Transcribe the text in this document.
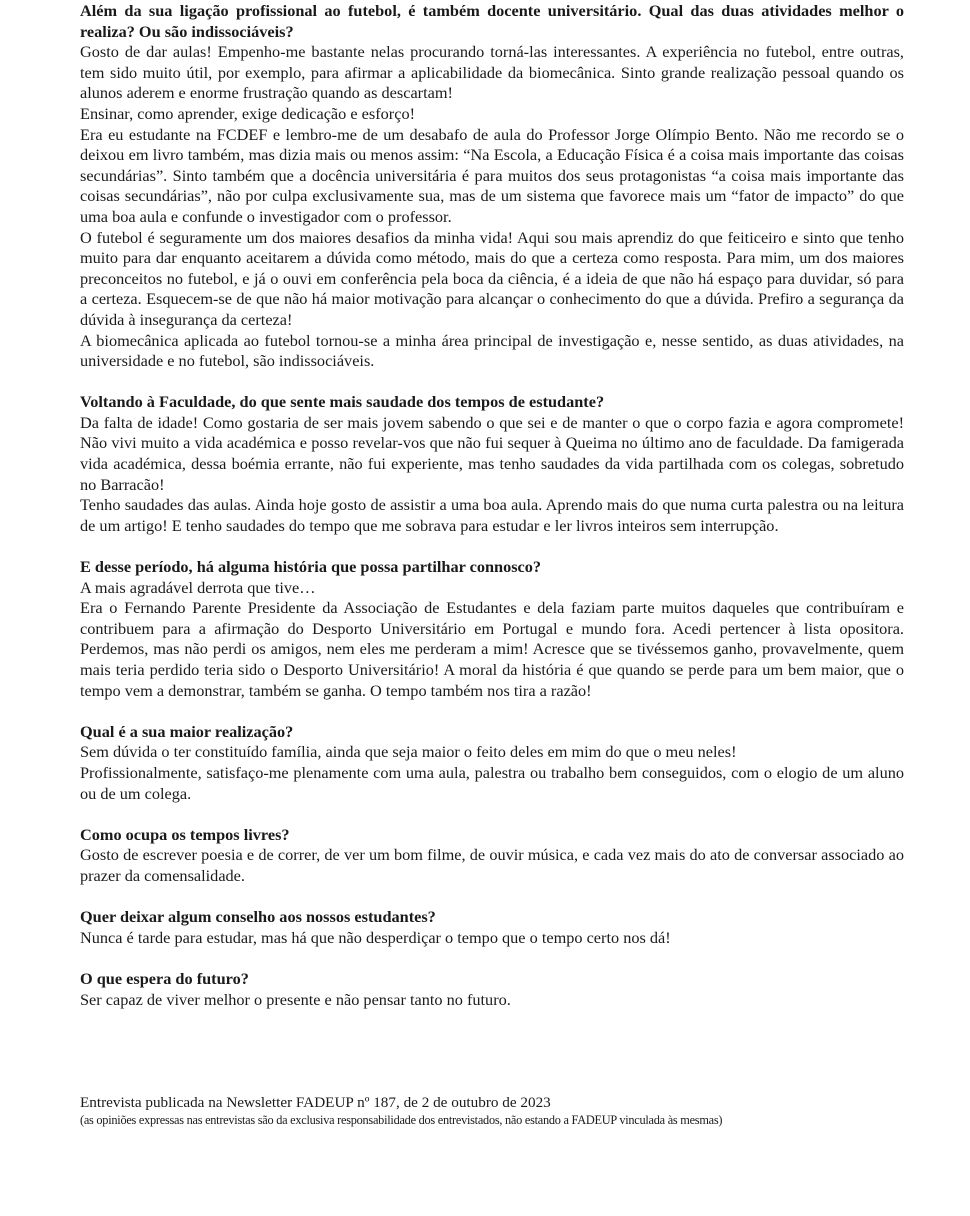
Além da sua ligação profissional ao futebol, é também docente universitário. Qual das duas atividades melhor o realiza? Ou são indissociáveis?

Gosto de dar aulas! Empenho-me bastante nelas procurando torná-las interessantes. A experiência no futebol, entre outras, tem sido muito útil, por exemplo, para afirmar a aplicabilidade da biomecânica. Sinto grande realização pessoal quando os alunos aderem e enorme frustração quando as descartam!

Ensinar, como aprender, exige dedicação e esforço!

Era eu estudante na FCDEF e lembro-me de um desabafo de aula do Professor Jorge Olímpio Bento. Não me recordo se o deixou em livro também, mas dizia mais ou menos assim: “Na Escola, a Educação Física é a coisa mais importante das coisas secundárias”. Sinto também que a docência universitária é para muitos dos seus protagonistas “a coisa mais importante das coisas secundárias”, não por culpa exclusivamente sua, mas de um sistema que favorece mais um “fator de impacto” do que uma boa aula e confunde o investigador com o professor.

O futebol é seguramente um dos maiores desafios da minha vida! Aqui sou mais aprendiz do que feiticeiro e sinto que tenho muito para dar enquanto aceitarem a dúvida como método, mais do que a certeza como resposta. Para mim, um dos maiores preconceitos no futebol, e já o ouvi em conferência pela boca da ciência, é a ideia de que não há espaço para duvidar, só para a certeza. Esquecem-se de que não há maior motivação para alcançar o conhecimento do que a dúvida. Prefiro a segurança da dúvida à insegurança da certeza!

A biomecânica aplicada ao futebol tornou-se a minha área principal de investigação e, nesse sentido, as duas atividades, na universidade e no futebol, são indissociáveis.

Voltando à Faculdade, do que sente mais saudade dos tempos de estudante?

Da falta de idade! Como gostaria de ser mais jovem sabendo o que sei e de manter o que o corpo fazia e agora compromete! Não vivi muito a vida académica e posso revelar-vos que não fui sequer à Queima no último ano de faculdade. Da famigerada vida académica, dessa boémia errante, não fui experiente, mas tenho saudades da vida partilhada com os colegas, sobretudo no Barracão!

Tenho saudades das aulas. Ainda hoje gosto de assistir a uma boa aula. Aprendo mais do que numa curta palestra ou na leitura de um artigo! E tenho saudades do tempo que me sobrava para estudar e ler livros inteiros sem interrupção.

E desse período, há alguma história que possa partilhar connosco?

A mais agradável derrota que tive…

Era o Fernando Parente Presidente da Associação de Estudantes e dela faziam parte muitos daqueles que contribuíram e contribuem para a afirmação do Desporto Universitário em Portugal e mundo fora. Acedi pertencer à lista opositora. Perdemos, mas não perdi os amigos, nem eles me perderam a mim! Acresce que se tivéssemos ganho, provavelmente, quem mais teria perdido teria sido o Desporto Universitário! A moral da história é que quando se perde para um bem maior, que o tempo vem a demonstrar, também se ganha. O tempo também nos tira a razão!

Qual é a sua maior realização?

Sem dúvida o ter constituído família, ainda que seja maior o feito deles em mim do que o meu neles!

Profissionalmente, satisfaço-me plenamente com uma aula, palestra ou trabalho bem conseguidos, com o elogio de um aluno ou de um colega.

Como ocupa os tempos livres?

Gosto de escrever poesia e de correr, de ver um bom filme, de ouvir música, e cada vez mais do ato de conversar associado ao prazer da comensalidade.

Quer deixar algum conselho aos nossos estudantes?

Nunca é tarde para estudar, mas há que não desperdiçar o tempo que o tempo certo nos dá!

O que espera do futuro?

Ser capaz de viver melhor o presente e não pensar tanto no futuro.

Entrevista publicada na Newsletter FADEUP nº 187, de 2 de outubro de 2023

(as opiniões expressas nas entrevistas são da exclusiva responsabilidade dos entrevistados, não estando a FADEUP vinculada às mesmas)
